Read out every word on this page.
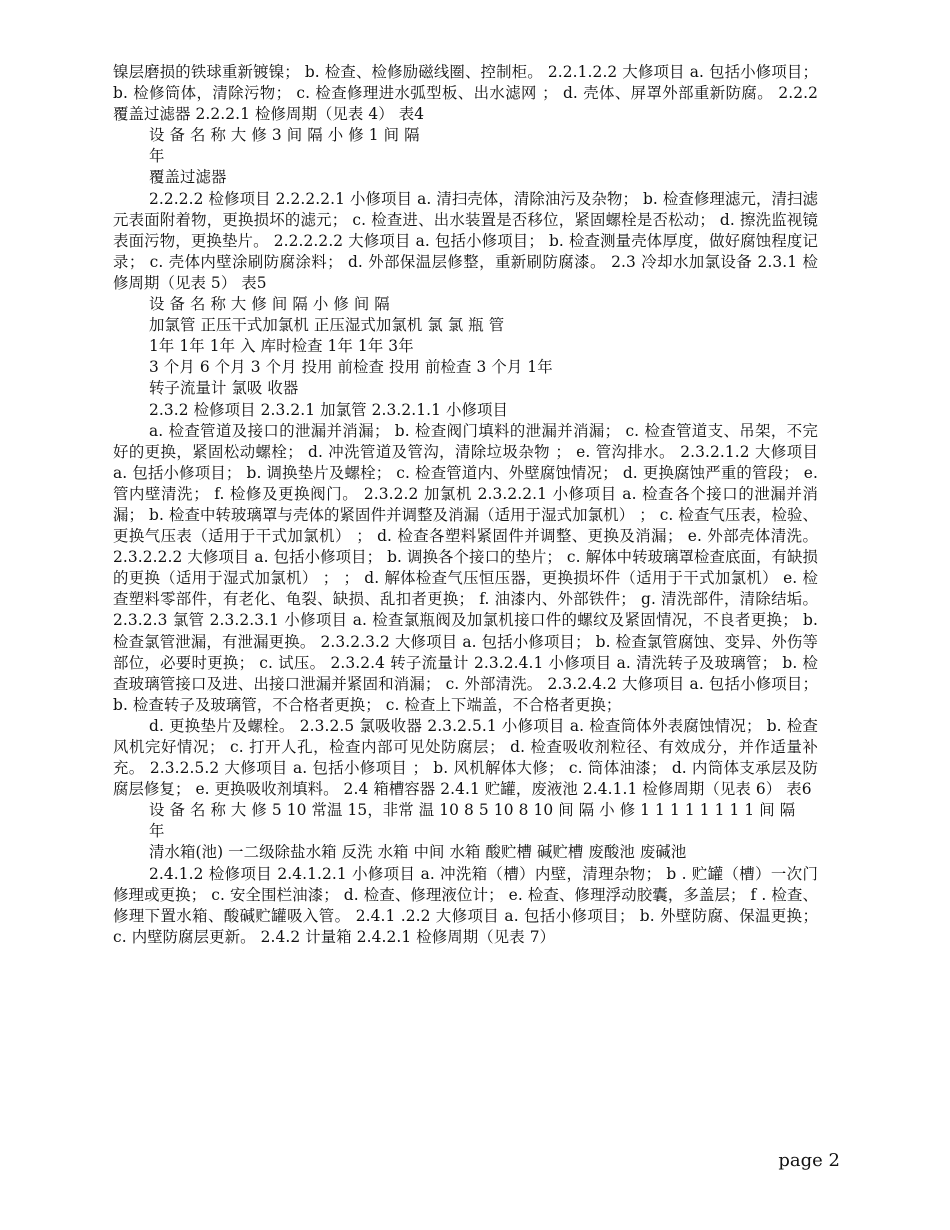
镍层磨损的铁球重新镀镍； b. 检查、检修励磁线圈、控制柜。 2.2.1.2.2 大修项目 a. 包括小修项目； b. 检修筒体，清除污物； c. 检查修理进水弧型板、出水滤网 ； d. 壳体、屏罩外部重新防腐。 2.2.2 覆盖过滤器 2.2.2.1 检修周期（见表 4） 表4

设 备 名 称 大 修 3 间 隔 小 修 1 间 隔

年

覆盖过滤器

2.2.2.2 检修项目 2.2.2.2.1 小修项目 a. 清扫壳体，清除油污及杂物； b. 检查修理滤元，清扫滤元表面附着物，更换损坏的滤元； c. 检查进、出水装置是否移位，紧固螺栓是否松动； d. 擦洗监视镜表面污物，更换垫片。 2.2.2.2.2 大修项目 a. 包括小修项目； b. 检查测量壳体厚度，做好腐蚀程度记录； c. 壳体内壁涂刷防腐涂料； d. 外部保温层修整，重新刷防腐漆。 2.3 冷却水加氯设备 2.3.1 检修周期（见表 5） 表5

设 备 名 称 大 修 间 隔 小 修 间 隔

加氯管 正压干式加氯机 正压湿式加氯机 氯 氯 瓶 管

1年 1年 1年 入 库时检查 1年 1年 3年

3 个月 6 个月 3 个月 投用 前检查 投用 前检查 3 个月 1年

转子流量计 氯吸 收器

2.3.2 检修项目 2.3.2.1 加氯管 2.3.2.1.1 小修项目

a. 检查管道及接口的泄漏并消漏； b. 检查阀门填料的泄漏并消漏； c. 检查管道支、吊架，不完好的更换，紧固松动螺栓； d. 冲洗管道及管沟，清除垃圾杂物 ； e. 管沟排水。 2.3.2.1.2 大修项目 a. 包括小修项目； b. 调换垫片及螺栓； c. 检查管道内、外壁腐蚀情况； d. 更换腐蚀严重的管段； e. 管内壁清洗； f. 检修及更换阀门。 2.3.2.2 加氯机 2.3.2.2.1 小修项目 a. 检查各个接口的泄漏并消漏； b. 检查中转玻璃罩与壳体的紧固件并调整及消漏（适用于湿式加氯机） ； c. 检查气压表，检验、更换气压表（适用于干式加氯机） ； d. 检查各塑料紧固件并调整、更换及消漏； e. 外部壳体清洗。 2.3.2.2.2 大修项目 a. 包括小修项目； b. 调换各个接口的垫片； c. 解体中转玻璃罩检查底面，有缺损的更换（适用于湿式加氯机） ； ； d. 解体检查气压恒压器，更换损坏件（适用于干式加氯机） e. 检查塑料零部件，有老化、龟裂、缺损、乱扣者更换； f. 油漆内、外部铁件； g. 清洗部件，清除结垢。 2.3.2.3 氯管 2.3.2.3.1 小修项目 a. 检查氯瓶阀及加氯机接口件的螺纹及紧固情况，不良者更换； b. 检查氯管泄漏，有泄漏更换。 2.3.2.3.2 大修项目 a. 包括小修项目； b. 检查氯管腐蚀、变异、外伤等部位，必要时更换； c. 试压。 2.3.2.4 转子流量计 2.3.2.4.1 小修项目 a. 清洗转子及玻璃管； b. 检查玻璃管接口及进、出接口泄漏并紧固和消漏； c. 外部清洗。 2.3.2.4.2 大修项目 a. 包括小修项目； b. 检查转子及玻璃管，不合格者更换； c. 检查上下端盖，不合格者更换；

d. 更换垫片及螺栓。 2.3.2.5 氯吸收器 2.3.2.5.1 小修项目 a. 检查筒体外表腐蚀情况； b. 检查风机完好情况； c. 打开人孔，检查内部可见处防腐层； d. 检查吸收剂粒径、有效成分，并作适量补充。 2.3.2.5.2 大修项目 a. 包括小修项目 ； b. 风机解体大修； c. 筒体油漆； d. 内筒体支承层及防腐层修复； e. 更换吸收剂填料。 2.4 箱槽容器 2.4.1 贮罐，废液池 2.4.1.1 检修周期（见表 6） 表6

设 备 名 称 大 修 5 10 常温 15，非常 温 10 8 5 10 8 10 间 隔 小 修 1 1 1 1 1 1 1 1 间 隔

年

清水箱(池) 一二级除盐水箱 反洗 水箱 中间 水箱 酸贮槽 碱贮槽 废酸池 废碱池

2.4.1.2 检修项目 2.4.1.2.1 小修项目 a. 冲洗箱（槽）内壁，清理杂物； b . 贮罐（槽）一次门修理或更换； c. 安全围栏油漆； d. 检查、修理液位计； e. 检查、修理浮动胶囊，多盖层； f . 检查、修理下置水箱、酸碱贮罐吸入管。 2.4.1 .2.2 大修项目 a. 包括小修项目； b. 外壁防腐、保温更换； c. 内壁防腐层更新。 2.4.2 计量箱 2.4.2.1 检修周期（见表 7）

page 2
